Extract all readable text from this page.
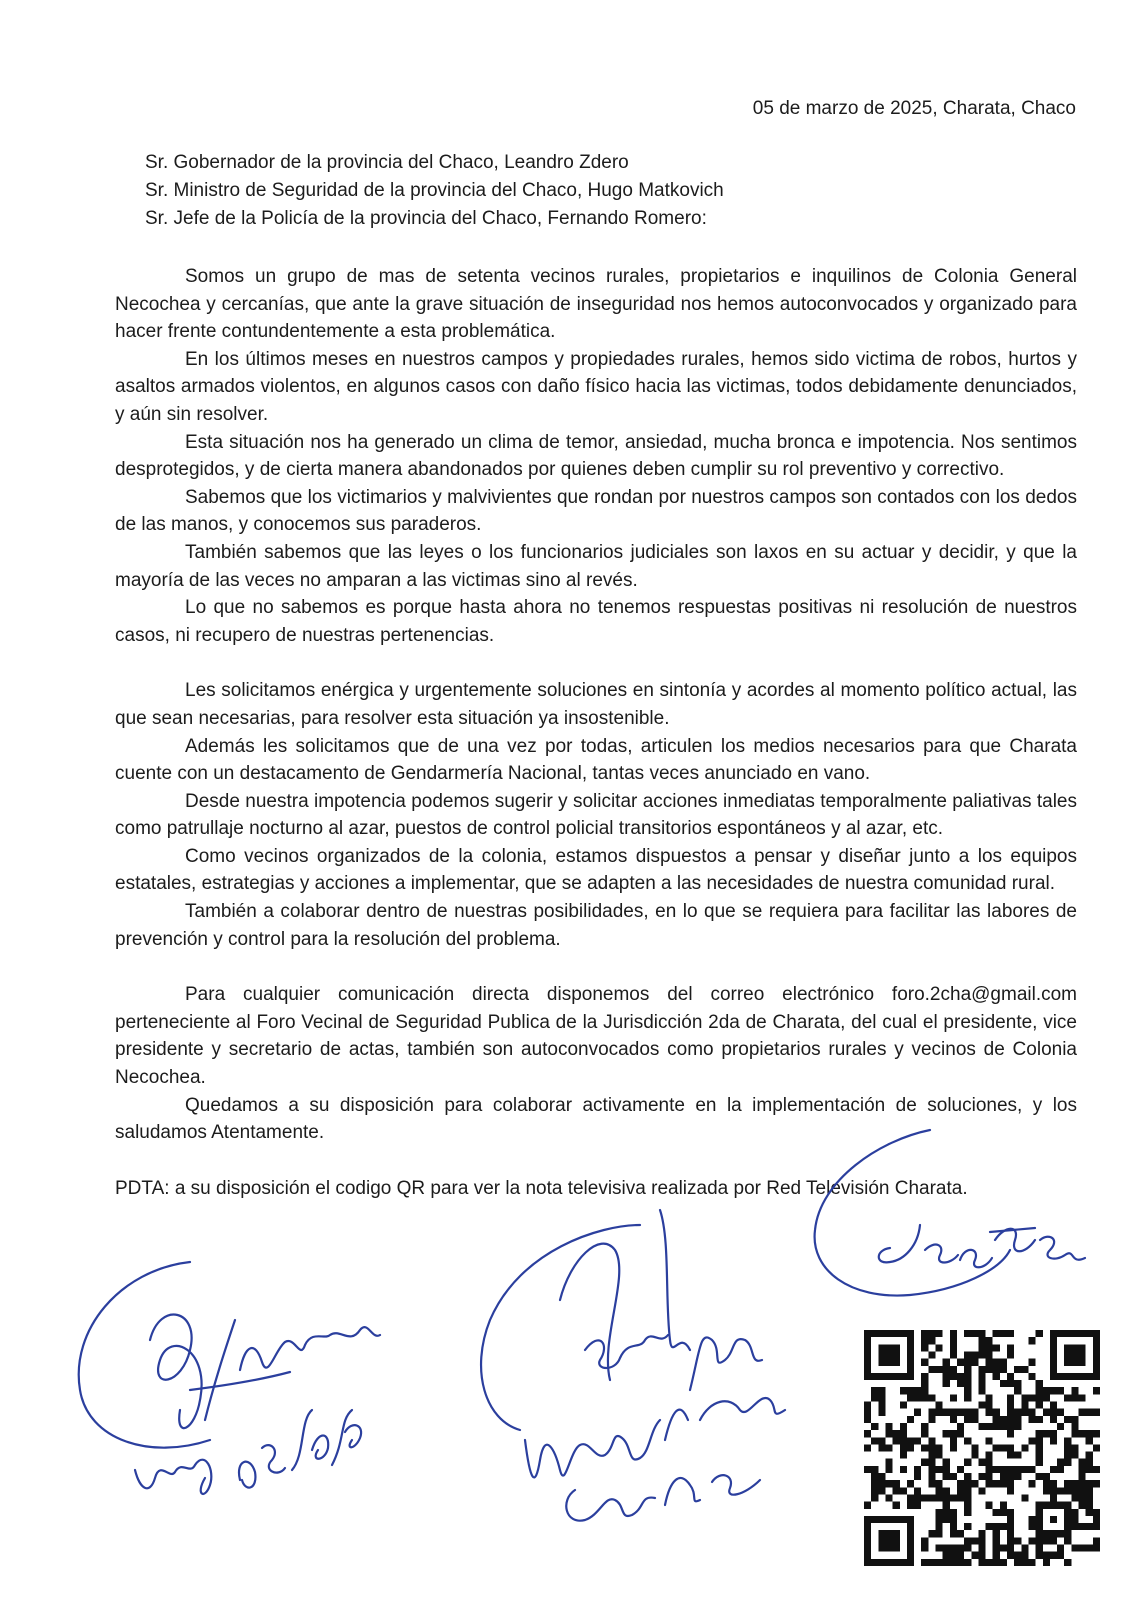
05 de marzo de 2025, Charata, Chaco
Sr. Gobernador de la provincia del Chaco, Leandro Zdero
Sr. Ministro de Seguridad de la provincia del Chaco, Hugo Matkovich
Sr. Jefe de la Policía de la provincia del Chaco, Fernando Romero:

Somos un grupo de mas de setenta vecinos rurales, propietarios e inquilinos de Colonia General Necochea y cercanías, que ante la grave situación de inseguridad nos hemos autoconvocados y organizado para hacer frente contundentemente a esta problemática.

En los últimos meses en nuestros campos y propiedades rurales, hemos sido victima de robos, hurtos y asaltos armados violentos, en algunos casos con daño físico hacia las victimas, todos debidamente denunciados, y aún sin resolver.

Esta situación nos ha generado un clima de temor, ansiedad, mucha bronca e impotencia. Nos sentimos desprotegidos, y de cierta manera abandonados por quienes deben cumplir su rol preventivo y correctivo.

Sabemos que los victimarios y malvivientes que rondan por nuestros campos son contados con los dedos de las manos, y conocemos sus paraderos.

También sabemos que las leyes o los funcionarios judiciales son laxos en su actuar y decidir, y que la mayoría de las veces no amparan a las victimas sino al revés.

Lo que no sabemos es porque hasta ahora no tenemos respuestas positivas ni resolución de nuestros casos, ni recupero de nuestras pertenencias.

Les solicitamos enérgica y urgentemente soluciones en sintonía y acordes al momento político actual, las que sean necesarias, para resolver esta situación ya insostenible.

Además les solicitamos que de una vez por todas, articulen los medios necesarios para que Charata cuente con un destacamento de Gendarmería Nacional, tantas veces anunciado en vano.

Desde nuestra impotencia podemos sugerir y solicitar acciones inmediatas temporalmente paliativas tales como patrullaje nocturno al azar, puestos de control policial transitorios espontáneos y al azar, etc.

Como vecinos organizados de la colonia, estamos dispuestos a pensar y diseñar junto a los equipos estatales, estrategias y acciones a implementar, que se adapten a las necesidades de nuestra comunidad rural.

También a colaborar dentro de nuestras posibilidades, en lo que se requiera para facilitar las labores de prevención y control para la resolución del problema.

Para cualquier comunicación directa disponemos del correo electrónico foro.2cha@gmail.com perteneciente al Foro Vecinal de Seguridad Publica de la Jurisdicción 2da de Charata, del cual el presidente, vice presidente y secretario de actas, también son autoconvocados como propietarios rurales y vecinos de Colonia Necochea.

Quedamos a su disposición para colaborar activamente en la implementación de soluciones, y los saludamos Atentamente.

PDTA: a su disposición el codigo QR para ver la nota televisiva realizada por Red Televisión Charata.
